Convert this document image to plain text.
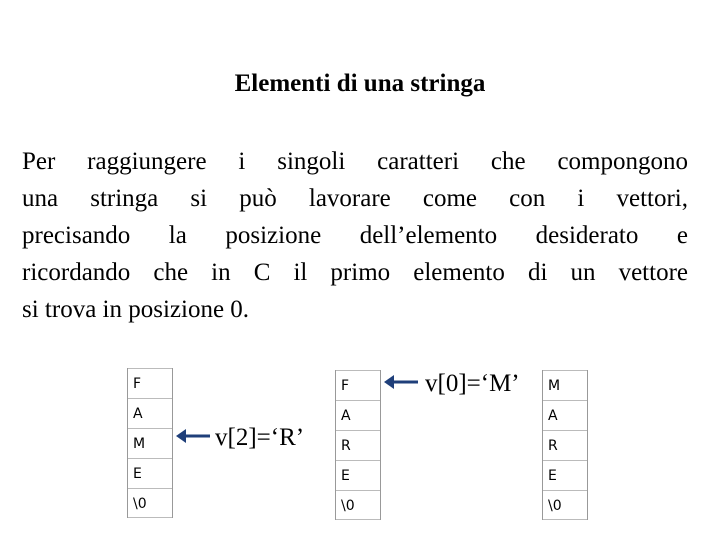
Elementi di una stringa
Per raggiungere i singoli caratteri che compongono
una stringa si può lavorare come con i vettori,
precisando la posizione dell’elemento desiderato e
ricordando che in C il primo elemento di un vettore
si trova in posizione 0.
F
A
M
E
\0
F
A
R
E
\0
M
A
R
E
\0
v[2]=‘R’
v[0]=‘M’
